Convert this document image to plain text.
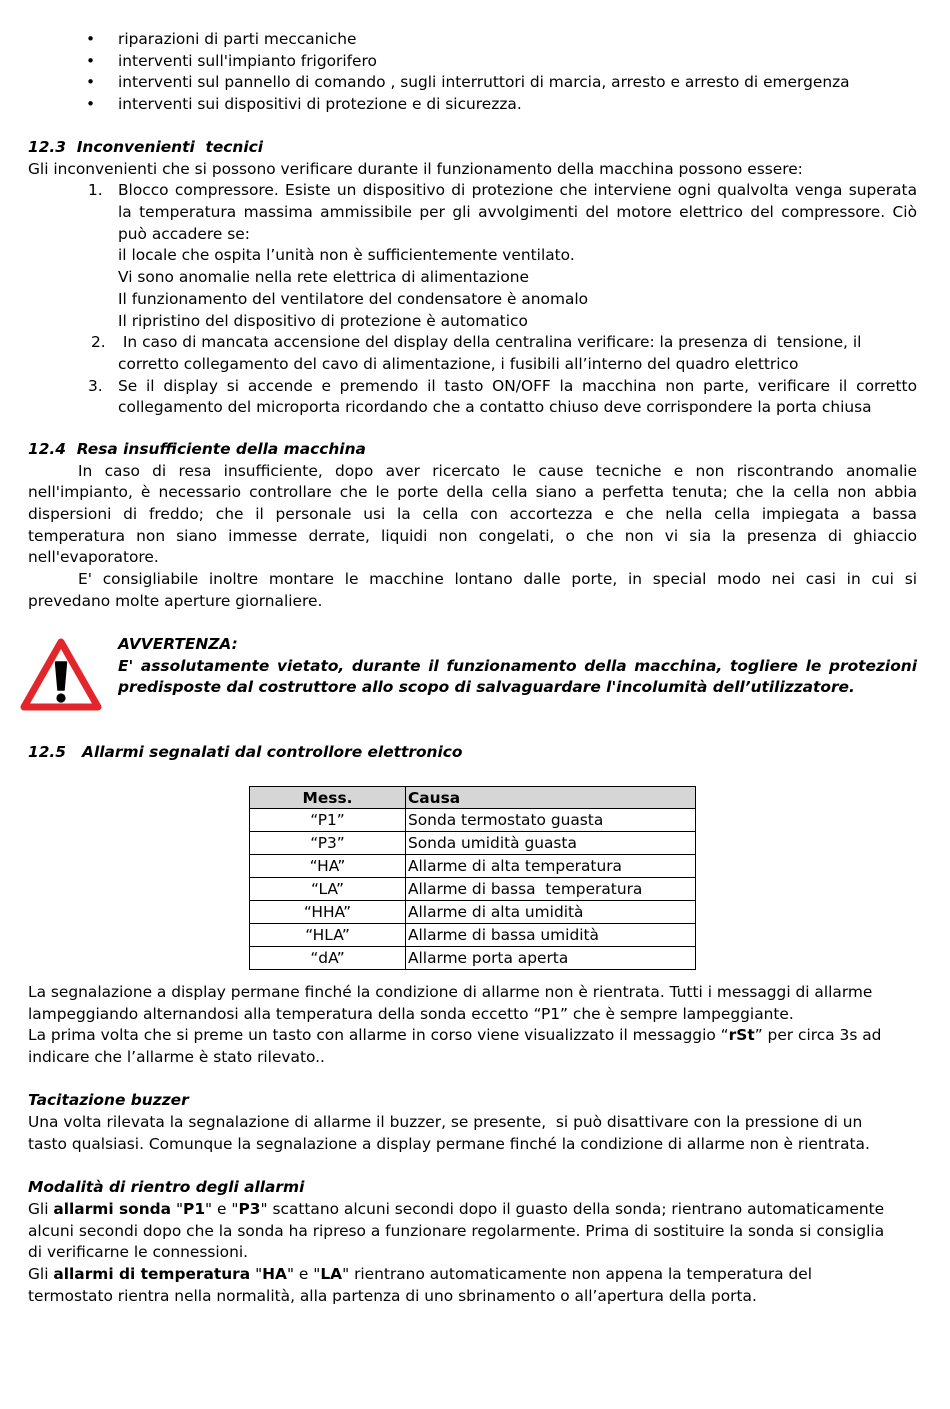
• riparazioni di parti meccaniche
• interventi sull'impianto frigorifero
• interventi sul pannello di comando , sugli interruttori di marcia, arresto e arresto di emergenza
• interventi sui dispositivi di protezione e di sicurezza.
12.3  Inconvenienti  tecnici
Gli inconvenienti che si possono verificare durante il funzionamento della macchina possono essere:
1. Blocco compressore. Esiste un dispositivo di protezione che interviene ogni qualvolta venga superata
la temperatura massima ammissibile per gli avvolgimenti del motore elettrico del compressore. Ciò
può accadere se:
il locale che ospita l’unità non è sufficientemente ventilato.
Vi sono anomalie nella rete elettrica di alimentazione
Il funzionamento del ventilatore del condensatore è anomalo
Il ripristino del dispositivo di protezione è automatico
2. In caso di mancata accensione del display della centralina verificare: la presenza di  tensione, il
corretto collegamento del cavo di alimentazione, i fusibili all’interno del quadro elettrico
3. Se il display si accende e premendo il tasto ON/OFF la macchina non parte, verificare il corretto
collegamento del microporta ricordando che a contatto chiuso deve corrispondere la porta chiusa
12.4  Resa insufficiente della macchina
In caso di resa insufficiente, dopo aver ricercato le cause tecniche e non riscontrando anomalie
nell'impianto, è necessario controllare che le porte della cella siano a perfetta tenuta; che la cella non abbia
dispersioni di freddo; che il personale usi la cella con accortezza e che nella cella impiegata a bassa
temperatura non siano immesse derrate, liquidi non congelati, o che non vi sia la presenza di ghiaccio
nell'evaporatore.
E' consigliabile inoltre montare le macchine lontano dalle porte, in special modo nei casi in cui si
prevedano molte aperture giornaliere.
AVVERTENZA:
E' assolutamente vietato, durante il funzionamento della macchina, togliere le protezioni
predisposte dal costruttore allo scopo di salvaguardare l'incolumità dell’utilizzatore.
12.5   Allarmi segnalati dal controllore elettronico
Mess.	Causa
“P1”	Sonda termostato guasta
“P3”	Sonda umidità guasta
“HA”	Allarme di alta temperatura
“LA”	Allarme di bassa  temperatura
“HHA”	Allarme di alta umidità
“HLA”	Allarme di bassa umidità
“dA”	Allarme porta aperta
La segnalazione a display permane finché la condizione di allarme non è rientrata. Tutti i messaggi di allarme
lampeggiando alternandosi alla temperatura della sonda eccetto “P1” che è sempre lampeggiante.
La prima volta che si preme un tasto con allarme in corso viene visualizzato il messaggio “rSt” per circa 3s ad
indicare che l’allarme è stato rilevato..
Tacitazione buzzer
Una volta rilevata la segnalazione di allarme il buzzer, se presente,  si può disattivare con la pressione di un
tasto qualsiasi. Comunque la segnalazione a display permane finché la condizione di allarme non è rientrata.
Modalità di rientro degli allarmi
Gli allarmi sonda "P1" e "P3" scattano alcuni secondi dopo il guasto della sonda; rientrano automaticamente
alcuni secondi dopo che la sonda ha ripreso a funzionare regolarmente. Prima di sostituire la sonda si consiglia
di verificarne le connessioni.
Gli allarmi di temperatura "HA" e "LA" rientrano automaticamente non appena la temperatura del
termostato rientra nella normalità, alla partenza di uno sbrinamento o all’apertura della porta.
